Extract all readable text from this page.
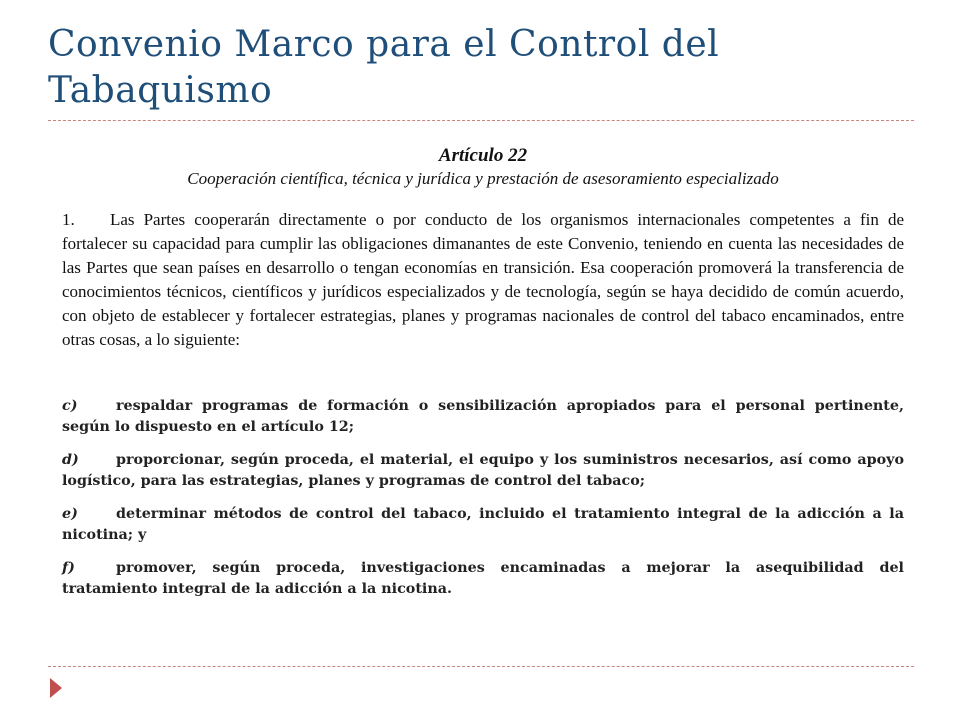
Convenio Marco para el Control del Tabaquismo

Artículo 22

Cooperación científica, técnica y jurídica y prestación de asesoramiento especializado

1. Las Partes cooperarán directamente o por conducto de los organismos internacionales competentes a fin de fortalecer su capacidad para cumplir las obligaciones dimanantes de este Convenio, teniendo en cuenta las necesidades de las Partes que sean países en desarrollo o tengan economías en transición. Esa cooperación promoverá la transferencia de conocimientos técnicos, científicos y jurídicos especializados y de tecnología, según se haya decidido de común acuerdo, con objeto de establecer y fortalecer estrategias, planes y programas nacionales de control del tabaco encaminados, entre otras cosas, a lo siguiente:

c)	respaldar programas de formación o sensibilización apropiados para el personal pertinente, según lo dispuesto en el artículo 12;

d)	proporcionar, según proceda, el material, el equipo y los suministros necesarios, así como apoyo logístico, para las estrategias, planes y programas de control del tabaco;

e)	determinar métodos de control del tabaco, incluido el tratamiento integral de la adicción a la nicotina; y

f)	promover, según proceda, investigaciones encaminadas a mejorar la asequibilidad del tratamiento integral de la adicción a la nicotina.
